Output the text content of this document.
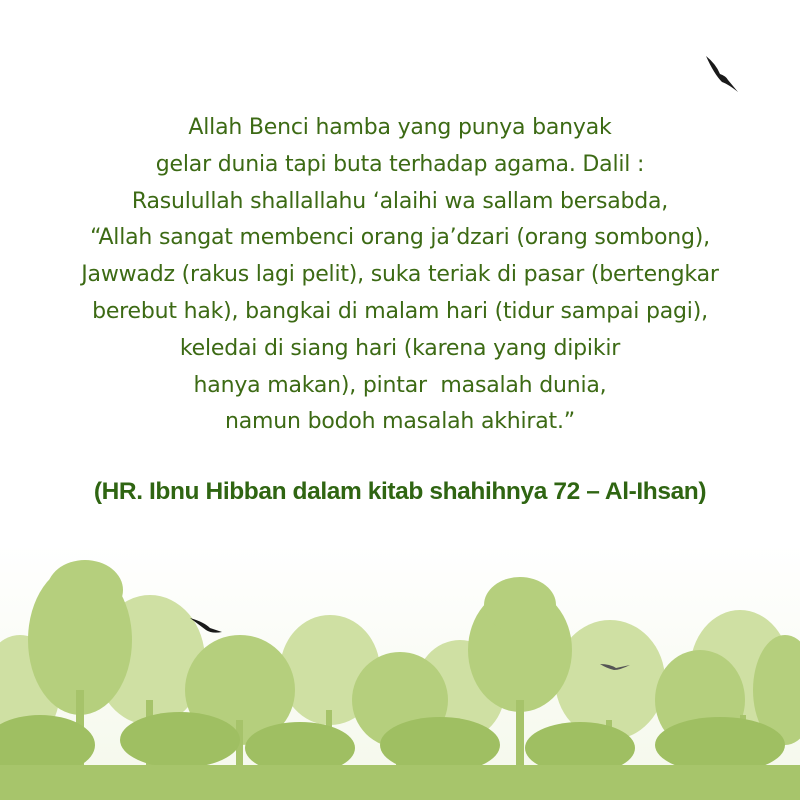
Allah Benci hamba yang punya banyak
gelar dunia tapi buta terhadap agama. Dalil :
Rasulullah shallallahu ‘alaihi wa sallam bersabda,
“Allah sangat membenci orang ja’dzari (orang sombong),
Jawwadz (rakus lagi pelit), suka teriak di pasar (bertengkar
berebut hak), bangkai di malam hari (tidur sampai pagi),
keledai di siang hari (karena yang dipikir
hanya makan), pintar  masalah dunia,
namun bodoh masalah akhirat.”
(HR. Ibnu Hibban dalam kitab shahihnya 72 – Al-Ihsan)
